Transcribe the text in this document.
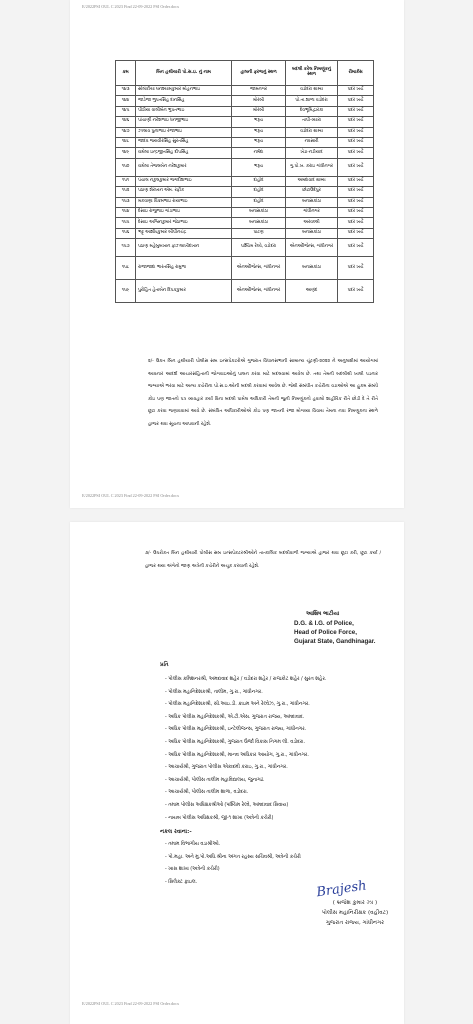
E/2022PSI OUL C 2023 Find 22-09-2022 PSI Order.docx
ક્રમ	બિન હથીયારી પો.સ.ઇ. નું નામ	હાલની ફરજનું સ્થળ	બદલી કરેલ નિમણૂંકનું સ્થળ	રીમાર્કસ
૧૪૩	સોલંકીયા ઘનશ્યામકુમાર મોહનભાઇ	જામનગર	વડોદરા ગ્રામ્ય	પદર ખર્ચે
૧૪૪	જાડેજા ભુપતસિંહ દાનસિંહ	મોરબી	પો.તા.શાળા વડોદરા	પદર ખર્ચે
૧૪૫	પીઠીયા વાલીબેન ભુપતભાઇ	મોરબી	દેવભૂમિદ્વારકા	પદર ખર્ચે
૧૪૬	પાંચાણી નરેશભાઇ ધનજીભાઇ	ભરૂચ	તાપી-વ્યારા	પદર ખર્ચે
૧૪૭	ઝાલાવ પુનાભાઇ રજાભાઇ	ભરૂચ	વડોદરા ગ્રામ્ય	પદર ખર્ચે
૧૪૮	જાદવ જયવીરસિંહ સુરતસિંહ	ભરૂચ	નવસારી	પદર ખર્ચે
૧૪૯	વાઘેલા ઇન્દ્રજીતસિંહ દીપસિંહ	નર્મદા	ખેડા-નડીયાદ	પદર ખર્ચે
૧૫૦	વાઘેલા તેજલબેન નરેશકુમાર	ભરૂચ	ગુ.પો.ખ. કરાઇ ગાંધીનગર	પદર ખર્ચે
૧૫૧	પંચાલ નકુલકુમાર જગદીશભાઇ	દાહોદ	અમદાવાદ ગ્રામ્ય	પદર ખર્ચે
૧૫૨	પઠાણ શેરખાન એમ. રફીક	દાહોદ	છોટાઉદેપુર	પદર ખર્ચે
૧૫૩	મકવાણા વિક્રમભાઇ રાયાભાઇ	દાહોદ	બનાસકાંઠા	પદર ખર્ચે
૧૫૪	દેસાઇ રાજુભાઇ ગાંડાભાઇ	બનાસકાંઠા	ગાંધીનગર	પદર ખર્ચે
૧૫૫	દેસાઇ અશ્વિનકુમાર જેઠાભાઇ	બનાસકાંઠા	અરવલ્લી	પદર ખર્ચે
૧૫૬	ભટ્ટ આશીષકુમાર બીપીનચંદ્ર	પાટણ	બનાસકાંઠા	પદર ખર્ચે
૧૫૭	પઠાણ મહેબુબખાન ફાઝલાખીદખાન	પશ્ચિમ રેલ્વે, વડોદરા	એનઓીજેન્સ, ગાંધીનગર	પદર ખર્ચે
૧૫૮	રાજાજાદા ભારતસિંહ રામુભા	એનઓીજેન્સ, ગાંધીનગર	બનાસકાંઠા	પદર ખર્ચે
૧૫૯	પુરોહિત હેતાબેન દિપકકુમાર	એનઓીજેન્સ, ગાંધીનગર	આણંદ	પદર ખર્ચે
૨/- ઉકત બિન હથીયારી પોલીસ સબ ઇન્સપેકટરોએ ગુજરાત વિધાનસભાની સામાન્ય ચૂંટણી-૨૦૨૨ ને અનુલક્ષીમાં આયોગમાં આવનાર આદર્શ આચારસંહિતાની જોગવાઇઓનું પાલન કરવા માટે બદલવામાં આવેલ છે. તથા તેમની બદલીથી ખાલી પડનાર જગ્યાએ ભરવા માટે અન્ય કચેરીના પો.સ.ઇ.ઓની બદલી કરવામાં આવેલ છે. જેથી સંબંધીત કચેરીના વડાઓએ આ હુકમ સંબંધે કોઇ પણ જાતનો પત્ર વ્યવહાર કર્યા વિના બદલી પામેલ અધિકારી તેમની જુની નિમણૂંકનો હવાલો શાહીરિક રીતે છોડી દે તે રીતે છૂટા કરવા જણાવવામાં આવે છે. સંબંધિત અધિકારીઓએ કોઇ પણ જાતની રજા મોગવ્યા વિવાય તેમના નવા નિમણૂકના સ્થળે હાજર થવા સૂચના આપવાની રહેશે.
E/2022PSI OUL C 2023 Find 22-09-2022 PSI Order.docx
૩/- ઉપરોકત બિન હથીયારી પોલીસ સબ ઇન્સપેકટરશ્રીઓને તાત્કાલિક બદલીવાળી જગ્યાએ હાજર થવા છૂટા કરી, છૂટા કર્યા / હાજર થયા અંગેનો જાણ અત્રેની કચેરીને અચૂક કરવાની રહેશે.
આશિષ ભાટીયા
D.G. & I.G. of Police,
Head of Police Force,
Gujarat State, Gandhinagar.
પ્રતિ
- પોલીસ કમિશનરશ્રી, અમદાવાદ શહેર / વડોદરા શહેર / રાજકોટ શહેર / સુરત શહેર.
- પોલીસ મહાનિદેશકશ્રી, તાલીમ, ગુ.રા., ગાંધીનગર.
- પોલીસ મહાનિદેશકશ્રી, સી.આઇ.ડી. ક્રાઇમ અને રેલ્વેઝ, ગુ.રા., ગાંધીનગર.
- અધિક પોલીસ મહાનિદેશકશ્રી, એ.ટી.એસ. ગુજરાત રાજય, અમદાવાદ.
- અધિક પોલીસ મહાનિદેશકશ્રી, ઇન્ટેલીજન્સ, ગુજરાત રાજ્ય, ગાંધીનગર.
- અધિક પોલીસ મહાનિદેશકશ્રી, ગુજરાત ઉર્જા વિકાસ નિગમ લી. વડોદરા.
- અધિક પોલીસ મહાનિદેશકશ્રી, માનવ અધિકાર આયોગ, ગુ.રા., ગાંધીનગર.
- આચાર્યશ્રી, ગુજરાત પોલીસ એકાદમી કરાઇ, ગુ.રા., ગાંધીનગર.
- આચાર્યશ્રી, પોલીસ તાલીમ મહાવિદ્યાલય, જુનાગઢ.
- આચાર્યશ્રી, પોલીસ તાલીમ શાળા, વડોદરા.
- તમામ પોલીસ અધિક્ષકશ્રીઓ (પશ્ચિમ રેલ્વે, અમદાવાદ સિવાય)
- નાયબ પોલીસ અધિક્ષકશ્રી, જી-૧ શાખા (અત્રેની કચેરી)
નકલ રવાના:-
- તમામ વિભાગીય વડાશ્રીઓ.
- પો.મહા. અને મુ.પો.અધિ.શ્રીના અંગત રહસ્ય સચિવશ્રી, અત્રેની કચેરી
- ખાસ શાખા (અત્રેની કચેરી)
- સિલેક્ટ ફાઇલ.	Brajesh
( બ્રજેશ કુમાર ઝા )
પોલીસ મહાનિરીક્ષક (વહીવટ)
ગુજરાત રાજ્ય, ગાંધીનગર
E/2022PSI OUL C 2023 Find 22-09-2022 PSI Order.docx
